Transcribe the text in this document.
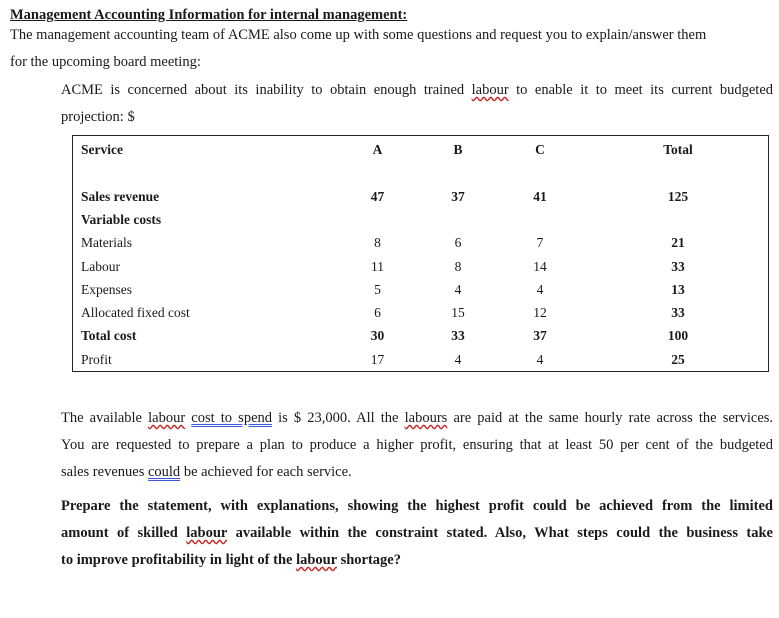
Management Accounting Information for internal management:
The management accounting team of ACME also come up with some questions and request you to explain/answer them
for the upcoming board meeting:
ACME is concerned about its inability to obtain enough trained labour to enable it to meet its current budgeted
projection: $
Service	A	B	C	Total

Sales revenue	47	37	41	125
Variable costs				
Materials	8	6	7	21
Labour	11	8	14	33
Expenses	5	4	4	13
Allocated fixed cost	6	15	12	33
Total cost	30	33	37	100
Profit	17	4	4	25
The available labour cost to spend is $ 23,000. All the labours are paid at the same hourly rate across the services.
You are requested to prepare a plan to produce a higher profit, ensuring that at least 50 per cent of the budgeted
sales revenues could be achieved for each service.
Prepare the statement, with explanations, showing the highest profit could be achieved from the limited
amount of skilled labour available within the constraint stated. Also, What steps could the business take
to improve profitability in light of the labour shortage?
